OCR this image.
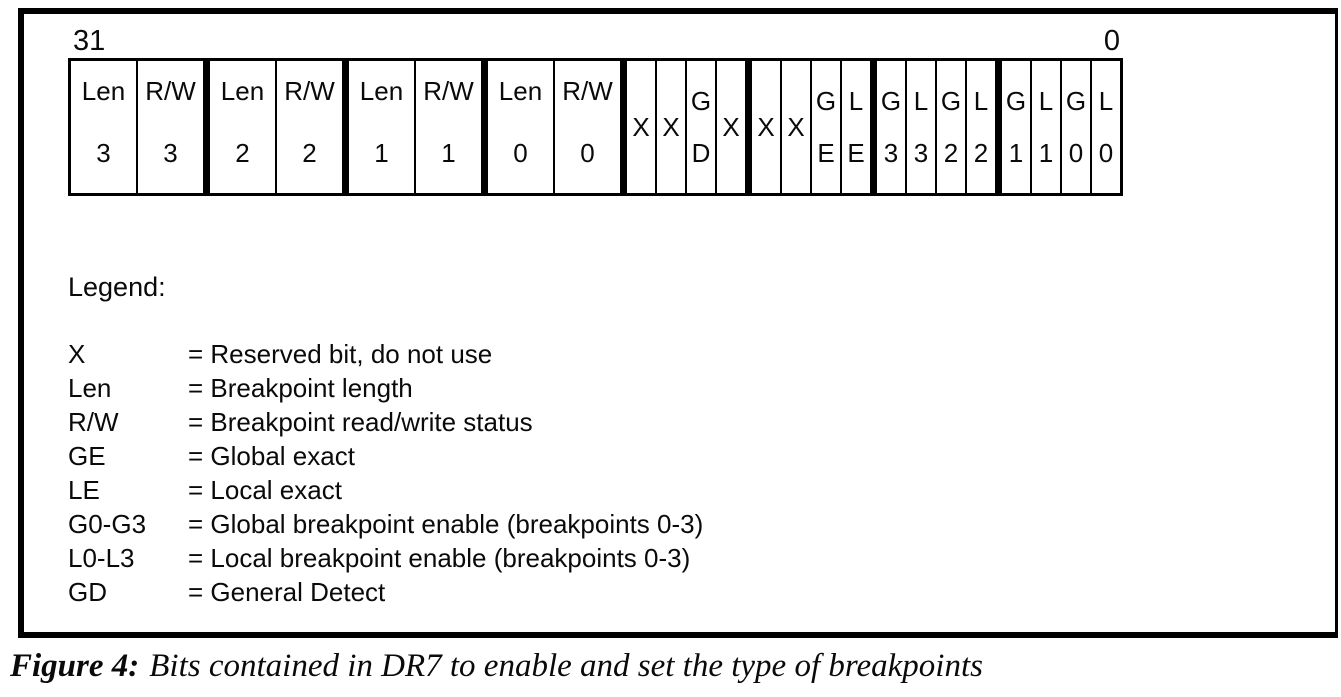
31	0
Len
3
R/W
3
Len
2
R/W
2
Len
1
R/W
1
Len
0
R/W
0
X X
G
D
X X X
G
E
L
E
G
3
L
3
G
2
L
2
G
1
L
1
G
0
L
0
Legend:
X	= Reserved bit, do not use
Len	= Breakpoint length
R/W	= Breakpoint read/write status
GE	= Global exact
LE	= Local exact
G0-G3 = Global breakpoint enable (breakpoints 0-3)
L0-L3 = Local breakpoint enable (breakpoints 0-3)
GD	= General Detect
Figure 4: Bits contained in DR7 to enable and set the type of breakpoints
